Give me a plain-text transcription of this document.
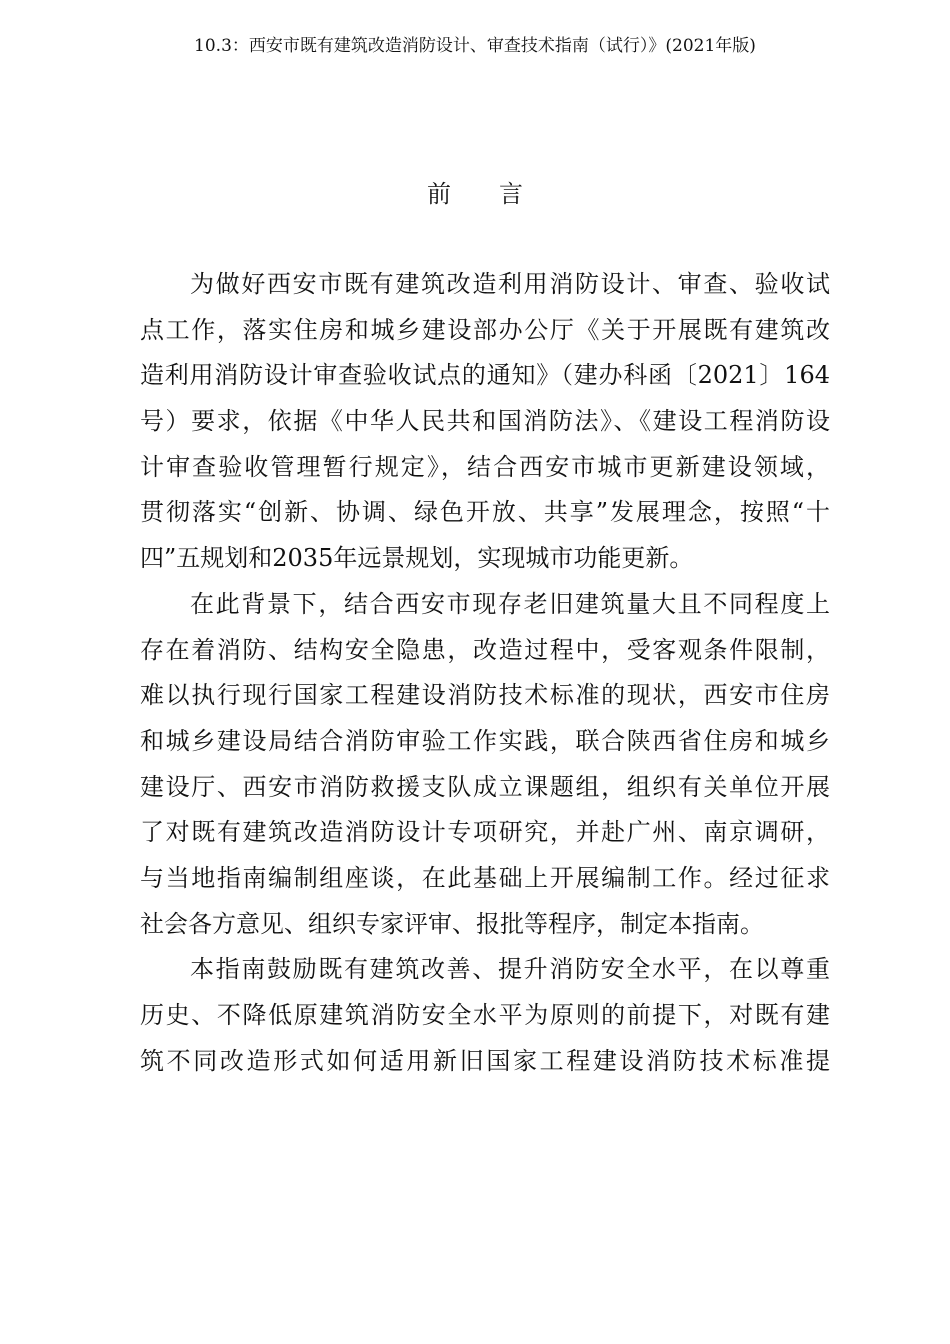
10.3：西安市既有建筑改造消防设计、审查技术指南（试行）》(2021年版)
前言
为做好西安市既有建筑改造利用消防设计、审查、验收试
点工作，落实住房和城乡建设部办公厅《关于开展既有建筑改
造利用消防设计审查验收试点的通知》（建办科函〔2021〕164
号）要求，依据《中华人民共和国消防法》、《建设工程消防设
计审查验收管理暂行规定》，结合西安市城市更新建设领域，
贯彻落实“创新、协调、绿色开放、共享”发展理念，按照“十
四”五规划和2035年远景规划，实现城市功能更新。
在此背景下，结合西安市现存老旧建筑量大且不同程度上
存在着消防、结构安全隐患，改造过程中，受客观条件限制，
难以执行现行国家工程建设消防技术标准的现状，西安市住房
和城乡建设局结合消防审验工作实践，联合陕西省住房和城乡
建设厅、西安市消防救援支队成立课题组，组织有关单位开展
了对既有建筑改造消防设计专项研究，并赴广州、南京调研，
与当地指南编制组座谈，在此基础上开展编制工作。经过征求
社会各方意见、组织专家评审、报批等程序，制定本指南。
本指南鼓励既有建筑改善、提升消防安全水平，在以尊重
历史、不降低原建筑消防安全水平为原则的前提下，对既有建
筑不同改造形式如何适用新旧国家工程建设消防技术标准提
